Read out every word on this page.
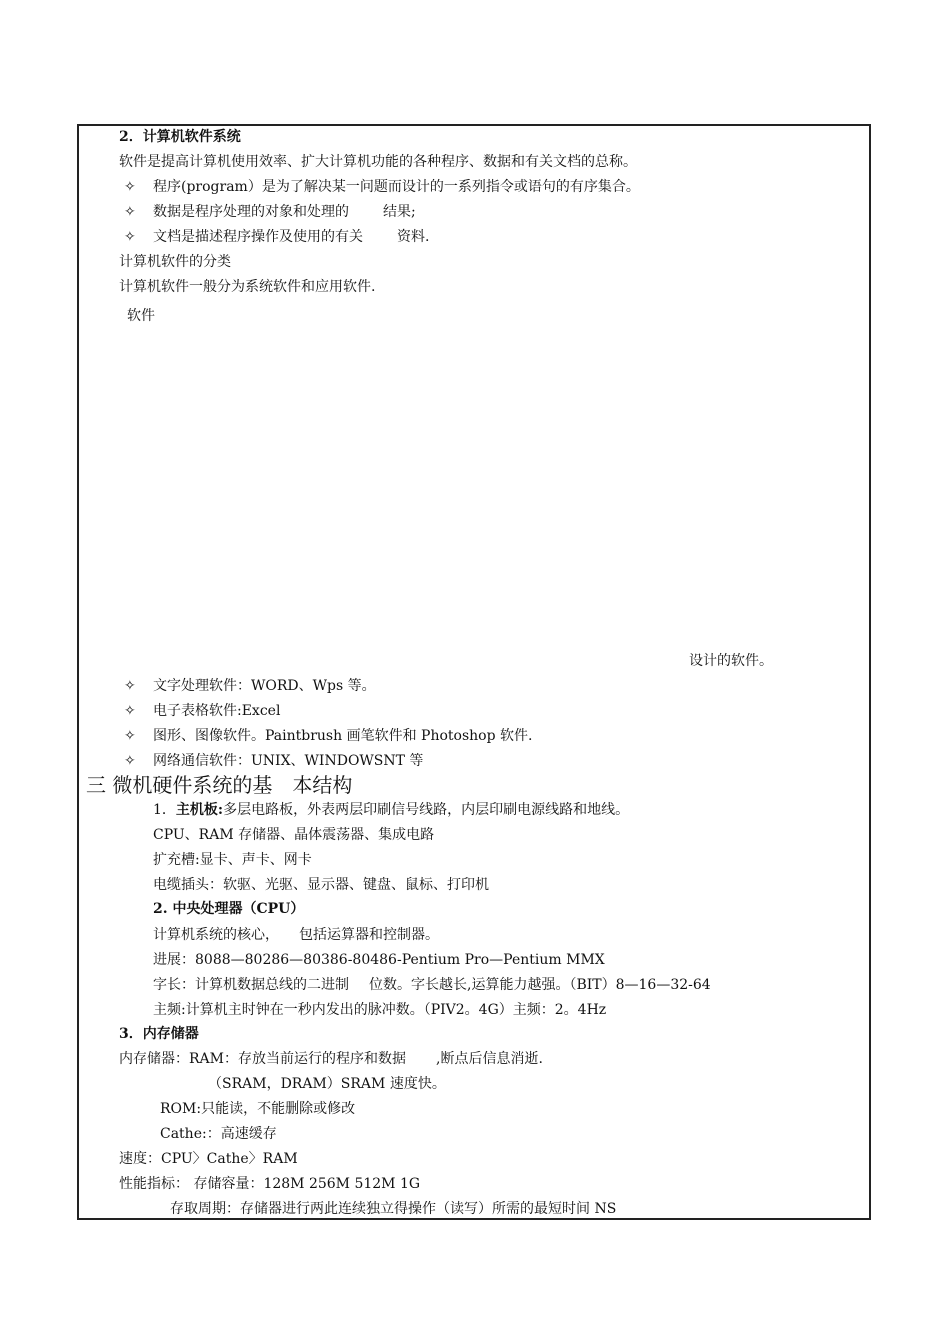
2．计算机软件系统
软件是提高计算机使用效率、扩大计算机功能的各种程序、数据和有关文档的总称。
✧ 程序(program）是为了解决某一问题而设计的一系列指令或语句的有序集合。
✧ 数据是程序处理的对象和处理的 结果;
✧ 文档是描述程序操作及使用的有关 资料.
计算机软件的分类
计算机软件一般分为系统软件和应用软件.
软件
设计的软件。
✧ 文字处理软件：WORD、Wps 等。
✧ 电子表格软件:Excel
✧ 图形、图像软件。Paintbrush 画笔软件和 Photoshop 软件.
✧ 网络通信软件：UNIX、WINDOWSNT 等
三 微机硬件系统的基 本结构
1．主机板:多层电路板，外表两层印刷信号线路，内层印刷电源线路和地线。
CPU、RAM 存储器、晶体震荡器、集成电路
扩充槽:显卡、声卡、网卡
电缆插头：软驱、光驱、显示器、键盘、鼠标、打印机
2. 中央处理器（CPU）
计算机系统的核心， 包括运算器和控制器。
进展：8088—80286—80386-80486-Pentium Pro—Pentium MMX
字长：计算机数据总线的二进制 位数。字长越长,运算能力越强。（BIT）8—16—32-64
主频:计算机主时钟在一秒内发出的脉冲数。（PIV2。4G）主频：2。4Hz
3．内存储器
内存储器：RAM：存放当前运行的程序和数据 ,断点后信息消逝.
（SRAM，DRAM）SRAM 速度快。
ROM:只能读，不能删除或修改
Cathe:：高速缓存
速度：CPU〉Cathe〉RAM
性能指标： 存储容量：128M 256M 512M 1G
存取周期：存储器进行两此连续独立得操作（读写）所需的最短时间 NS
